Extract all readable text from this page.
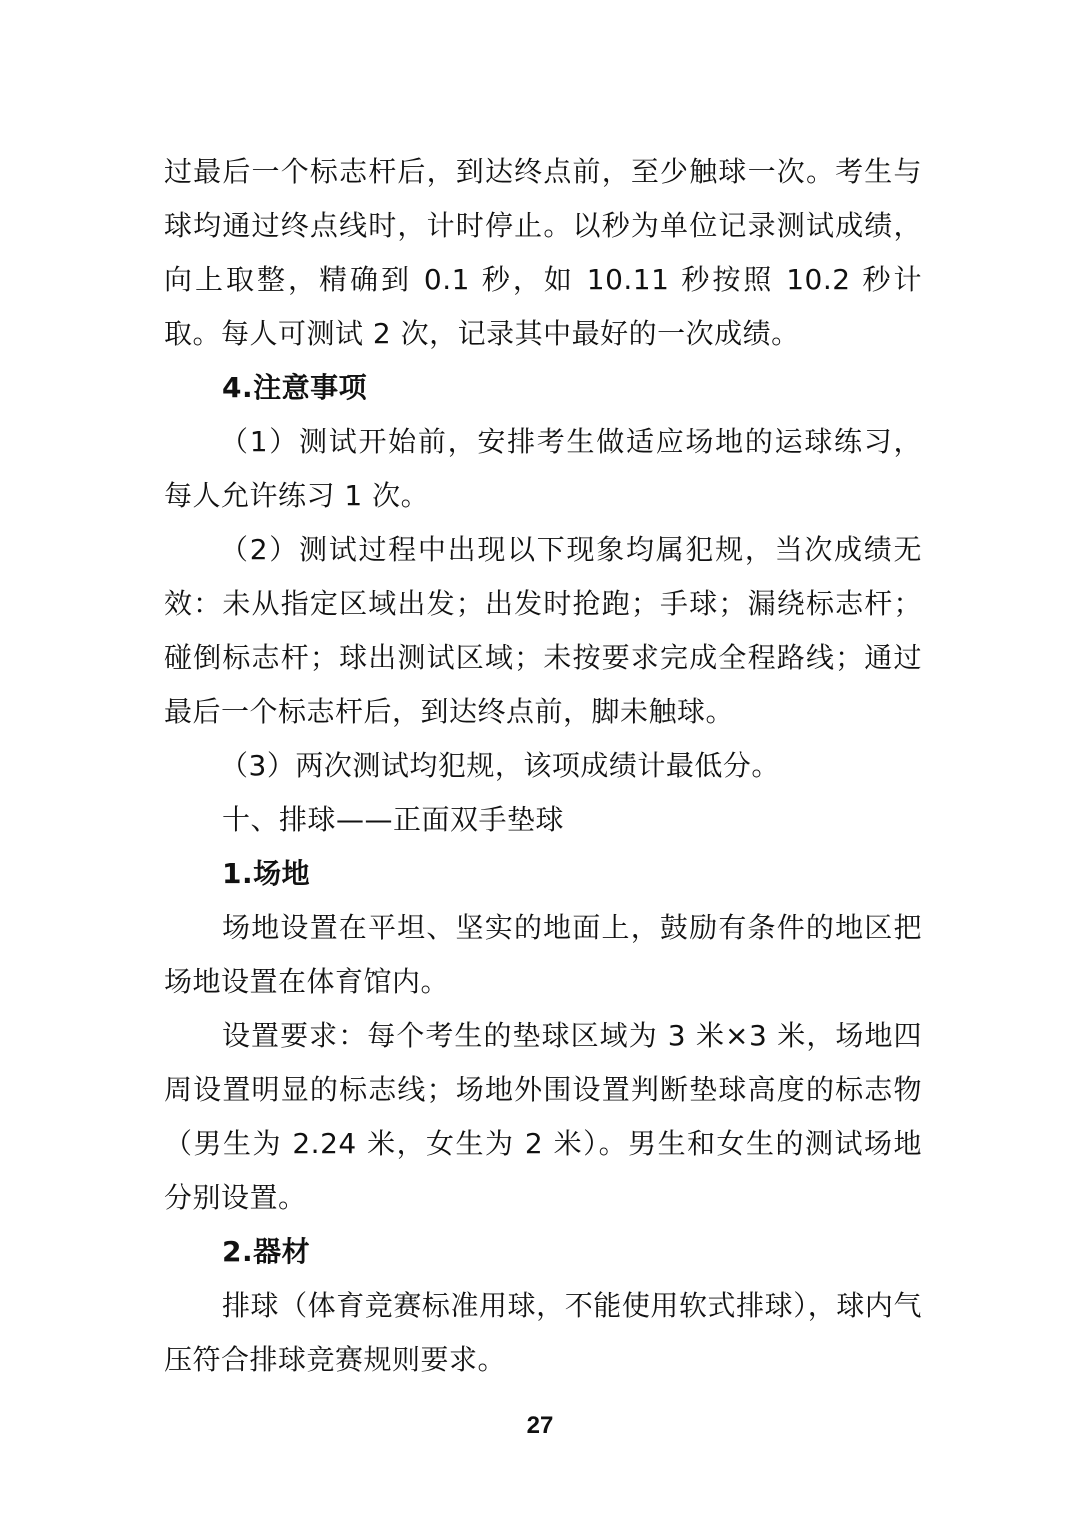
过最后一个标志杆后，到达终点前，至少触球一次。考生与球均通过终点线时，计时停止。以秒为单位记录测试成绩，向上取整，精确到 0.1 秒，如 10.11 秒按照 10.2 秒计取。每人可测试 2 次，记录其中最好的一次成绩。

4.注意事项

（1）测试开始前，安排考生做适应场地的运球练习，每人允许练习 1 次。

（2）测试过程中出现以下现象均属犯规，当次成绩无效：未从指定区域出发；出发时抢跑；手球；漏绕标志杆；碰倒标志杆；球出测试区域；未按要求完成全程路线；通过最后一个标志杆后，到达终点前，脚未触球。

（3）两次测试均犯规，该项成绩计最低分。

十、排球——正面双手垫球

1.场地

场地设置在平坦、坚实的地面上，鼓励有条件的地区把场地设置在体育馆内。

设置要求：每个考生的垫球区域为 3 米×3 米，场地四周设置明显的标志线；场地外围设置判断垫球高度的标志物（男生为 2.24 米，女生为 2 米）。男生和女生的测试场地分别设置。

2.器材

排球（体育竞赛标准用球，不能使用软式排球），球内气压符合排球竞赛规则要求。

27
